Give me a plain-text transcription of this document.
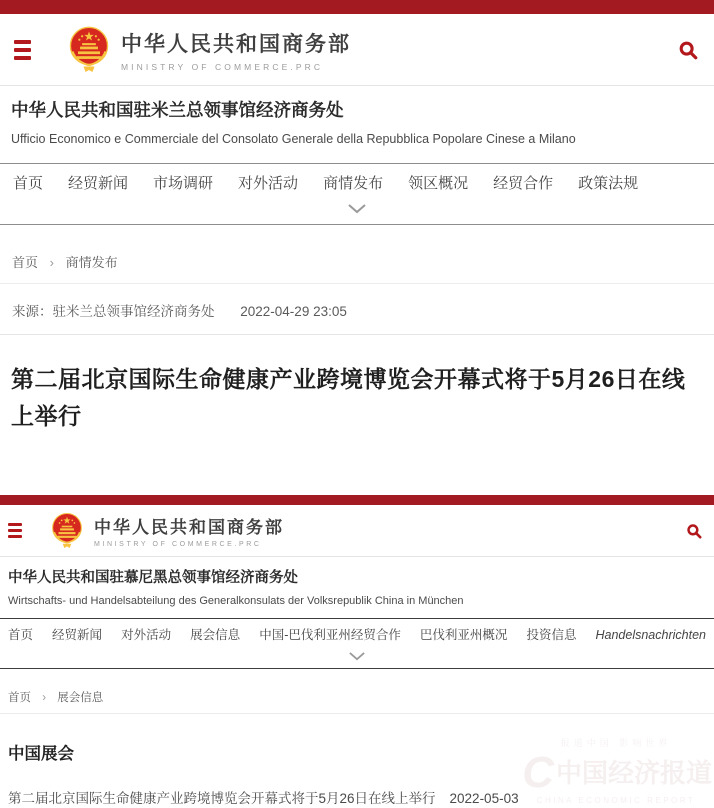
中华人民共和国商务部
MINISTRY OF COMMERCE.PRC
中华人民共和国驻米兰总领事馆经济商务处
Ufficio Economico e Commerciale del Consolato Generale della Repubblica Popolare Cinese a Milano
首页 经贸新闻 市场调研 对外活动 商情发布 领区概况 经贸合作 政策法规
首页 › 商情发布
来源：驻米兰总领事馆经济商务处 2022-04-29 23:05
第二届北京国际生命健康产业跨境博览会开幕式将于5月26日在线上举行
中华人民共和国商务部
MINISTRY OF COMMERCE.PRC
中华人民共和国驻慕尼黑总领事馆经济商务处
Wirtschafts- und Handelsabteilung des Generalkonsulats der Volksrepublik China in München
首页 经贸新闻 对外活动 展会信息 中国-巴伐利亚州经贸合作 巴伐利亚州概况 投资信息 Handelsnachrichten
首页 › 展会信息
中国展会
第二届北京国际生命健康产业跨境博览会开幕式将于5月26日在线上举行 2022-05-03
报道中国 影响世界
C 中国经济报道
CHINA ECONOMIC REPORT
